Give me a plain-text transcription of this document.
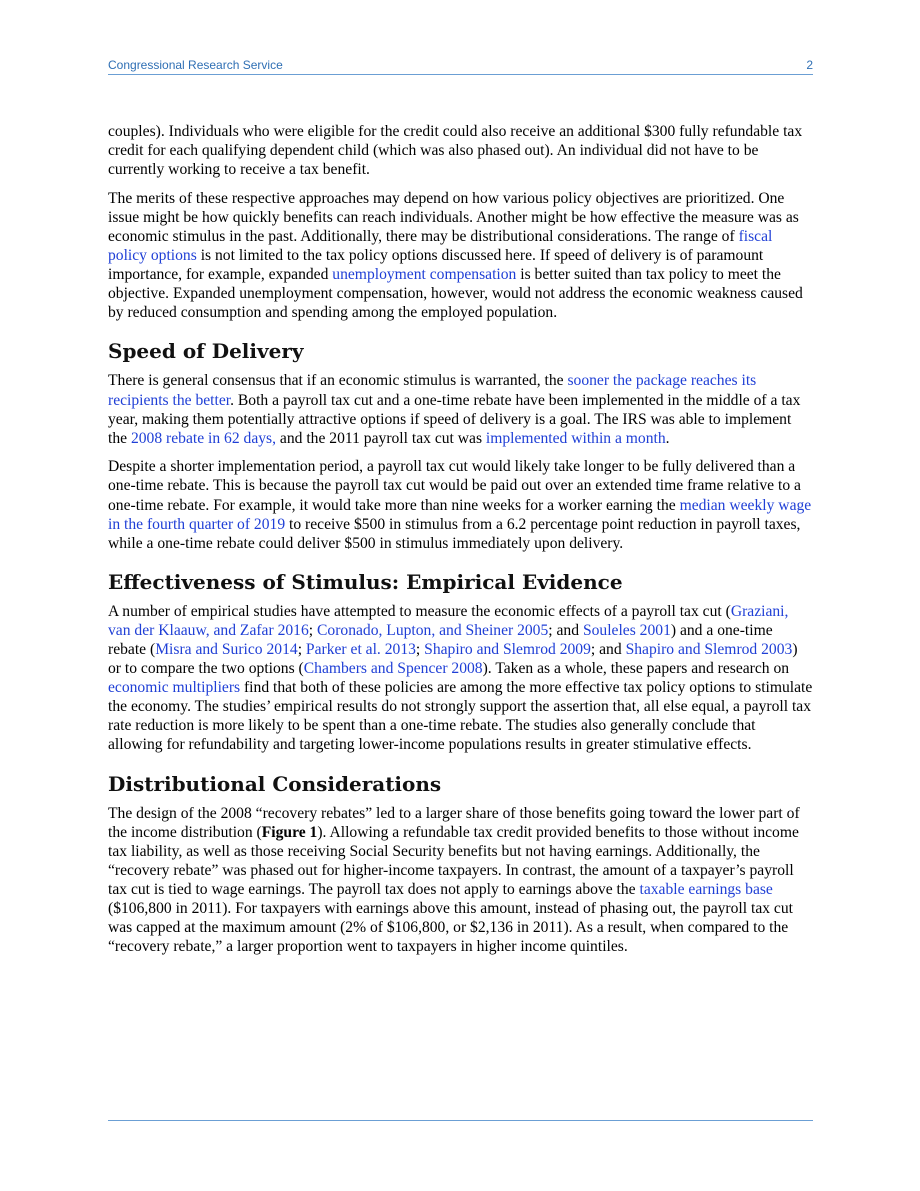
Congressional Research Service	2

couples). Individuals who were eligible for the credit could also receive an additional $300 fully refundable tax credit for each qualifying dependent child (which was also phased out). An individual did not have to be currently working to receive a tax benefit.

The merits of these respective approaches may depend on how various policy objectives are prioritized. One issue might be how quickly benefits can reach individuals. Another might be how effective the measure was as economic stimulus in the past. Additionally, there may be distributional considerations. The range of fiscal policy options is not limited to the tax policy options discussed here. If speed of delivery is of paramount importance, for example, expanded unemployment compensation is better suited than tax policy to meet the objective. Expanded unemployment compensation, however, would not address the economic weakness caused by reduced consumption and spending among the employed population.

Speed of Delivery

There is general consensus that if an economic stimulus is warranted, the sooner the package reaches its recipients the better. Both a payroll tax cut and a one-time rebate have been implemented in the middle of a tax year, making them potentially attractive options if speed of delivery is a goal. The IRS was able to implement the 2008 rebate in 62 days, and the 2011 payroll tax cut was implemented within a month.

Despite a shorter implementation period, a payroll tax cut would likely take longer to be fully delivered than a one-time rebate. This is because the payroll tax cut would be paid out over an extended time frame relative to a one-time rebate. For example, it would take more than nine weeks for a worker earning the median weekly wage in the fourth quarter of 2019 to receive $500 in stimulus from a 6.2 percentage point reduction in payroll taxes, while a one-time rebate could deliver $500 in stimulus immediately upon delivery.

Effectiveness of Stimulus: Empirical Evidence

A number of empirical studies have attempted to measure the economic effects of a payroll tax cut (Graziani, van der Klaauw, and Zafar 2016; Coronado, Lupton, and Sheiner 2005; and Souleles 2001) and a one-time rebate (Misra and Surico 2014; Parker et al. 2013; Shapiro and Slemrod 2009; and Shapiro and Slemrod 2003) or to compare the two options (Chambers and Spencer 2008). Taken as a whole, these papers and research on economic multipliers find that both of these policies are among the more effective tax policy options to stimulate the economy. The studies’ empirical results do not strongly support the assertion that, all else equal, a payroll tax rate reduction is more likely to be spent than a one-time rebate. The studies also generally conclude that allowing for refundability and targeting lower-income populations results in greater stimulative effects.

Distributional Considerations

The design of the 2008 “recovery rebates” led to a larger share of those benefits going toward the lower part of the income distribution (Figure 1). Allowing a refundable tax credit provided benefits to those without income tax liability, as well as those receiving Social Security benefits but not having earnings. Additionally, the “recovery rebate” was phased out for higher-income taxpayers. In contrast, the amount of a taxpayer’s payroll tax cut is tied to wage earnings. The payroll tax does not apply to earnings above the taxable earnings base ($106,800 in 2011). For taxpayers with earnings above this amount, instead of phasing out, the payroll tax cut was capped at the maximum amount (2% of $106,800, or $2,136 in 2011). As a result, when compared to the “recovery rebate,” a larger proportion went to taxpayers in higher income quintiles.
